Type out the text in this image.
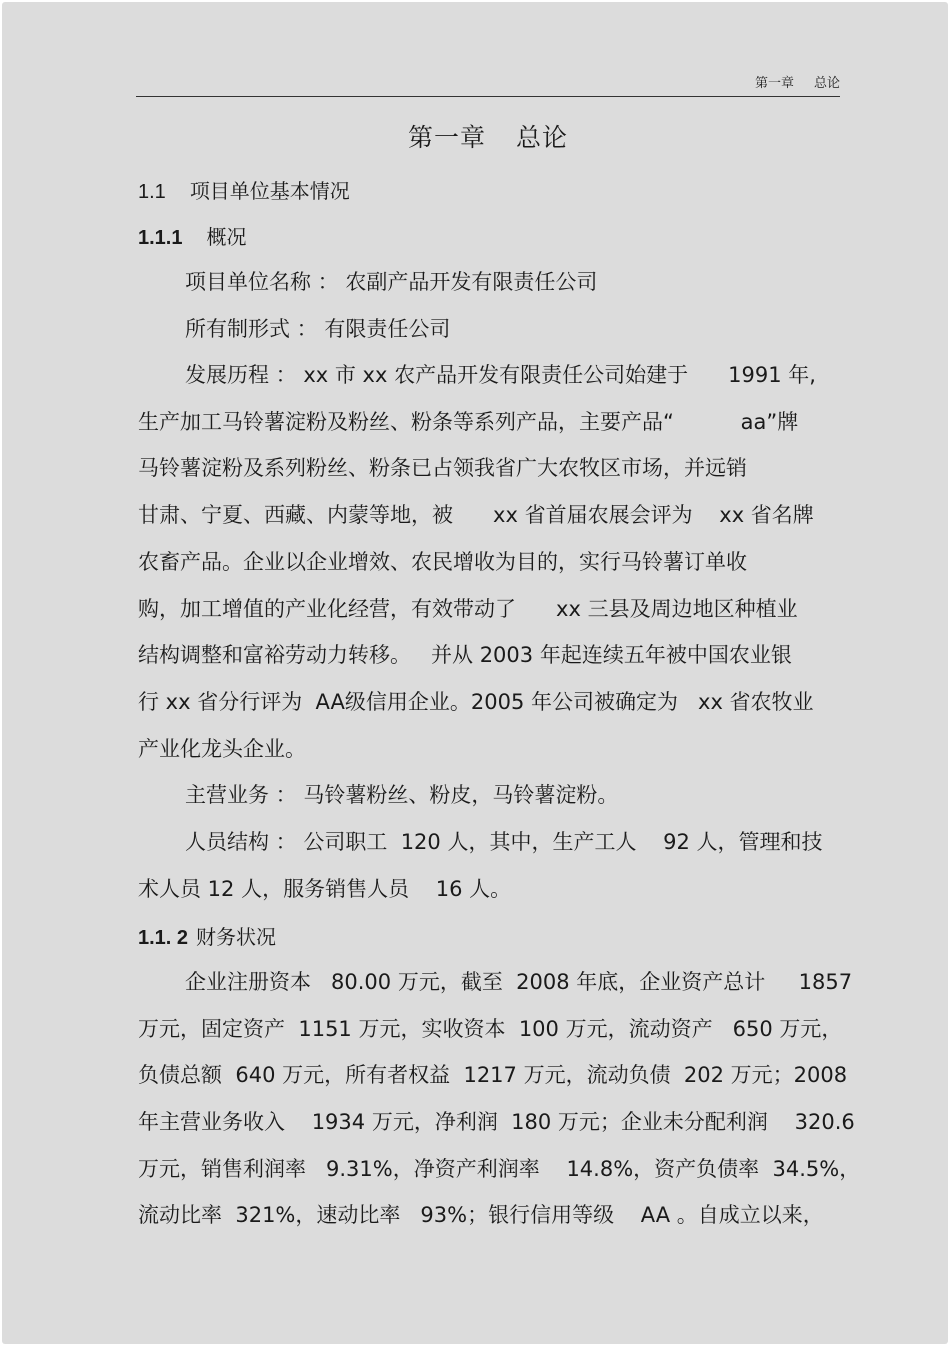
第一章 总论
第一章 总论
1.1 项目单位基本情况
1.1.1 概况
项目单位名称 ： 农副产品开发有限责任公司
所有制形式 ： 有限责任公司
发展历程 ： xx 市 xx 农产品开发有限责任公司始建于      1991 年,
生产加工马铃薯淀粉及粉丝、粉条等系列产品，主要产品“          aa”牌
马铃薯淀粉及系列粉丝、粉条已占领我省广大农牧区市场，并远销
甘肃、宁夏、西藏、内蒙等地，被      xx 省首届农展会评为    xx 省名牌
农畜产品。企业以企业增效、农民增收为目的，实行马铃薯订单收
购，加工增值的产业化经营，有效带动了      xx 三县及周边地区种植业
结构调整和富裕劳动力转移。   并从 2003 年起连续五年被中国农业银
行 xx 省分行评为  AA级信用企业。2005 年公司被确定为   xx 省农牧业
产业化龙头企业。
主营业务 ： 马铃薯粉丝、粉皮，马铃薯淀粉。
人员结构 ： 公司职工  120 人，其中，生产工人    92 人，管理和技
术人员 12 人，服务销售人员    16 人。
1.1. 2 财务状况
企业注册资本   80.00 万元，截至  2008 年底，企业资产总计     1857
万元，固定资产  1151 万元，实收资本  100 万元，流动资产   650 万元，
负债总额  640 万元，所有者权益  1217 万元，流动负债  202 万元；2008
年主营业务收入    1934 万元，净利润  180 万元；企业未分配利润    320.6
万元，销售利润率   9.31%，净资产利润率    14.8%，资产负债率  34.5%，
流动比率  321%，速动比率   93%；银行信用等级    AA 。自成立以来，
